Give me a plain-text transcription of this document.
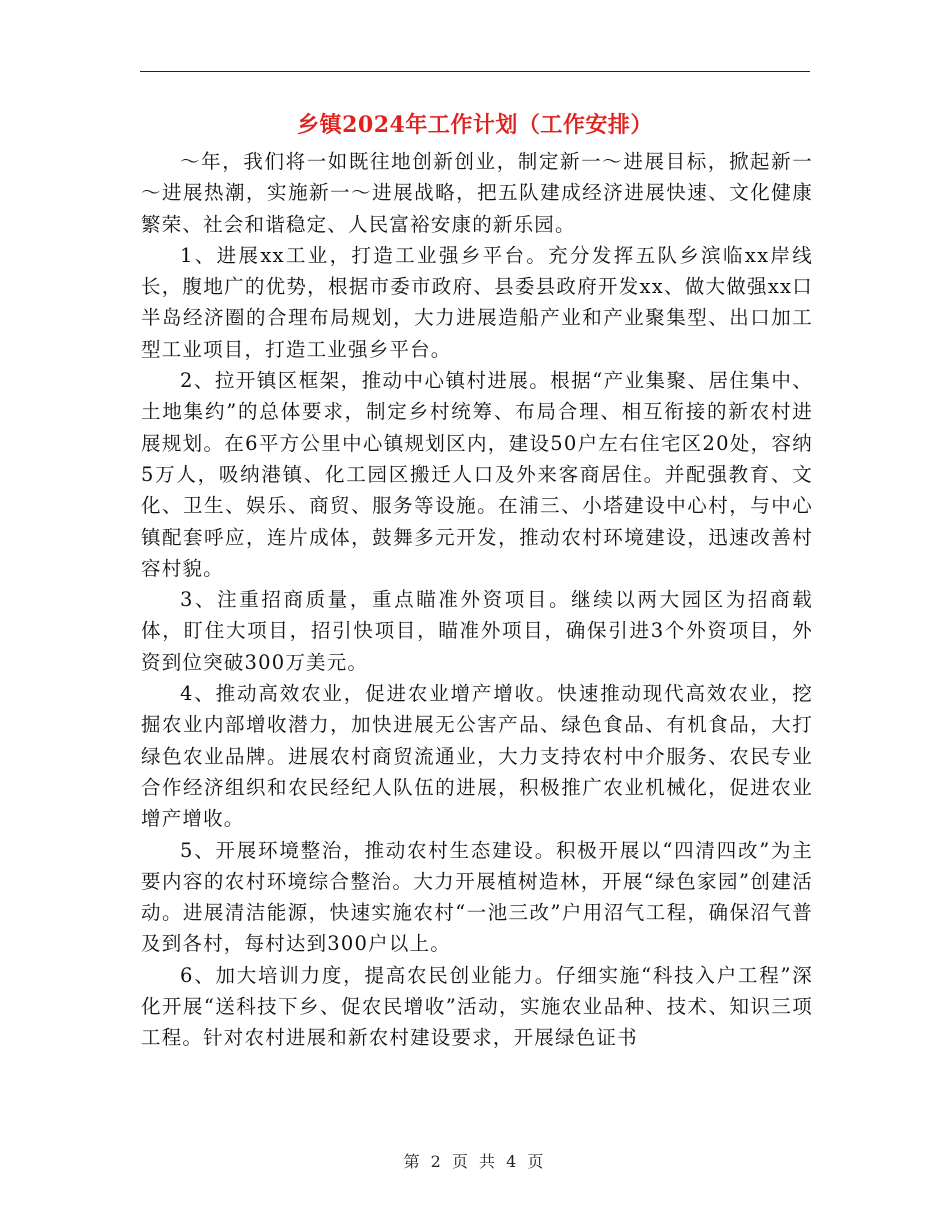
乡镇2024年工作计划（工作安排）

～年，我们将一如既往地创新创业，制定新一～进展目标，掀起新一～进展热潮，实施新一～进展战略，把五队建成经济进展快速、文化健康繁荣、社会和谐稳定、人民富裕安康的新乐园。

1、进展xx工业，打造工业强乡平台。充分发挥五队乡滨临xx岸线长，腹地广的优势，根据市委市政府、县委县政府开发xx、做大做强xx口半岛经济圈的合理布局规划，大力进展造船产业和产业聚集型、出口加工型工业项目，打造工业强乡平台。

2、拉开镇区框架，推动中心镇村进展。根据“产业集聚、居住集中、土地集约”的总体要求，制定乡村统筹、布局合理、相互衔接的新农村进展规划。在6平方公里中心镇规划区内，建设50户左右住宅区20处，容纳5万人，吸纳港镇、化工园区搬迁人口及外来客商居住。并配强教育、文化、卫生、娱乐、商贸、服务等设施。在浦三、小塔建设中心村，与中心镇配套呼应，连片成体，鼓舞多元开发，推动农村环境建设，迅速改善村容村貌。

3、注重招商质量，重点瞄准外资项目。继续以两大园区为招商载体，盯住大项目，招引快项目，瞄准外项目，确保引进3个外资项目，外资到位突破300万美元。

4、推动高效农业，促进农业增产增收。快速推动现代高效农业，挖掘农业内部增收潜力，加快进展无公害产品、绿色食品、有机食品，大打绿色农业品牌。进展农村商贸流通业，大力支持农村中介服务、农民专业合作经济组织和农民经纪人队伍的进展，积极推广农业机械化，促进农业增产增收。

5、开展环境整治，推动农村生态建设。积极开展以“四清四改”为主要内容的农村环境综合整治。大力开展植树造林，开展“绿色家园”创建活动。进展清洁能源，快速实施农村“一池三改”户用沼气工程，确保沼气普及到各村，每村达到300户以上。

6、加大培训力度，提高农民创业能力。仔细实施“科技入户工程”深化开展“送科技下乡、促农民增收”活动，实施农业品种、技术、知识三项工程。针对农村进展和新农村建设要求，开展绿色证书

第 2 页 共 4 页
